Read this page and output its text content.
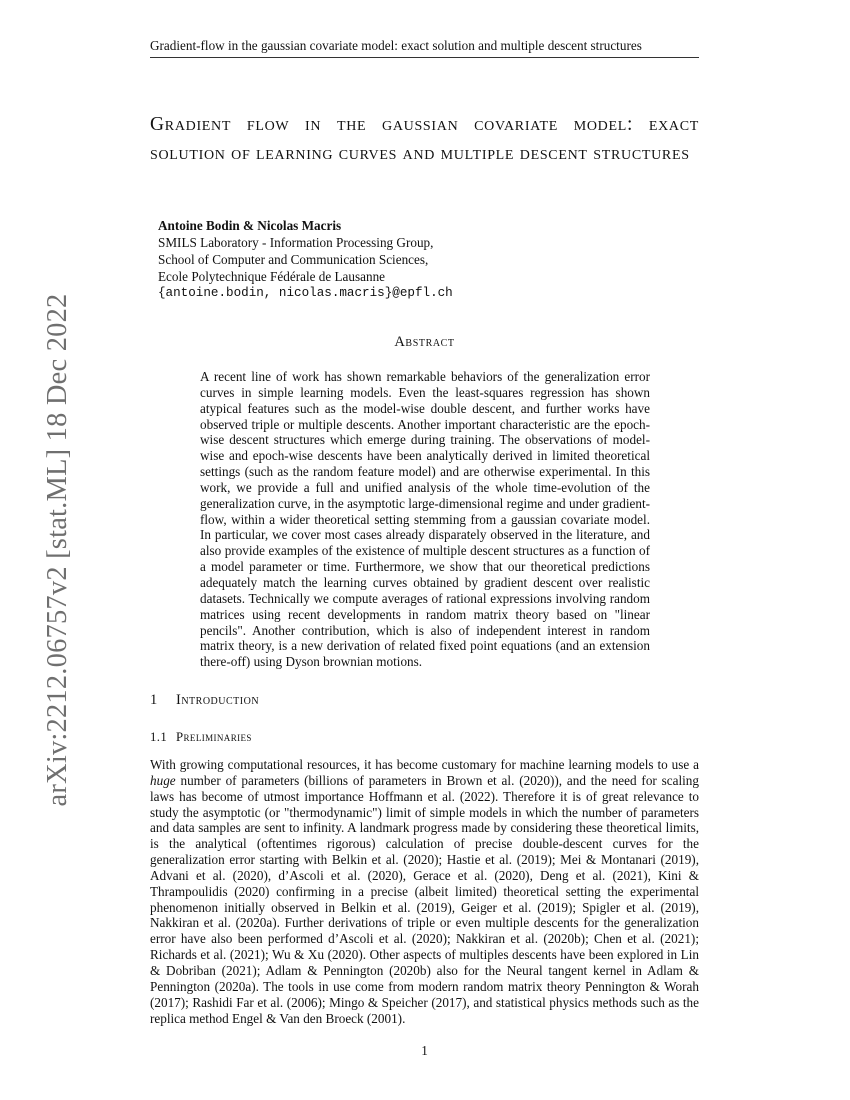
Gradient-flow in the gaussian covariate model: exact solution and multiple descent structures
arXiv:2212.06757v2 [stat.ML] 18 Dec 2022
Gradient flow in the gaussian covariate model: exact solution of learning curves and multiple descent structures
Antoine Bodin & Nicolas Macris
SMILS Laboratory - Information Processing Group,
School of Computer and Communication Sciences,
Ecole Polytechnique Fédérale de Lausanne
{antoine.bodin, nicolas.macris}@epfl.ch
Abstract
A recent line of work has shown remarkable behaviors of the generalization error curves in simple learning models. Even the least-squares regression has shown atypical features such as the model-wise double descent, and further works have observed triple or multiple descents. Another important characteristic are the epoch-wise descent structures which emerge during training. The observations of model-wise and epoch-wise descents have been analytically derived in limited theoretical settings (such as the random feature model) and are otherwise experimental. In this work, we provide a full and unified analysis of the whole time-evolution of the generalization curve, in the asymptotic large-dimensional regime and under gradient-flow, within a wider theoretical setting stemming from a gaussian covariate model. In particular, we cover most cases already disparately observed in the literature, and also provide examples of the existence of multiple descent structures as a function of a model parameter or time. Furthermore, we show that our theoretical predictions adequately match the learning curves obtained by gradient descent over realistic datasets. Technically we compute averages of rational expressions involving random matrices using recent developments in random matrix theory based on "linear pencils". Another contribution, which is also of independent interest in random matrix theory, is a new derivation of related fixed point equations (and an extension there-off) using Dyson brownian motions.
1 Introduction
1.1 Preliminaries
With growing computational resources, it has become customary for machine learning models to use a huge number of parameters (billions of parameters in Brown et al. (2020)), and the need for scaling laws has become of utmost importance Hoffmann et al. (2022). Therefore it is of great relevance to study the asymptotic (or "thermodynamic") limit of simple models in which the number of parameters and data samples are sent to infinity. A landmark progress made by considering these theoretical limits, is the analytical (oftentimes rigorous) calculation of precise double-descent curves for the generalization error starting with Belkin et al. (2020); Hastie et al. (2019); Mei & Montanari (2019), Advani et al. (2020), d’Ascoli et al. (2020), Gerace et al. (2020), Deng et al. (2021), Kini & Thrampoulidis (2020) confirming in a precise (albeit limited) theoretical setting the experimental phenomenon initially observed in Belkin et al. (2019), Geiger et al. (2019); Spigler et al. (2019), Nakkiran et al. (2020a). Further derivations of triple or even multiple descents for the generalization error have also been performed d’Ascoli et al. (2020); Nakkiran et al. (2020b); Chen et al. (2021); Richards et al. (2021); Wu & Xu (2020). Other aspects of multiples descents have been explored in Lin & Dobriban (2021); Adlam & Pennington (2020b) also for the Neural tangent kernel in Adlam & Pennington (2020a). The tools in use come from modern random matrix theory Pennington & Worah (2017); Rashidi Far et al. (2006); Mingo & Speicher (2017), and statistical physics methods such as the replica method Engel & Van den Broeck (2001).
1
